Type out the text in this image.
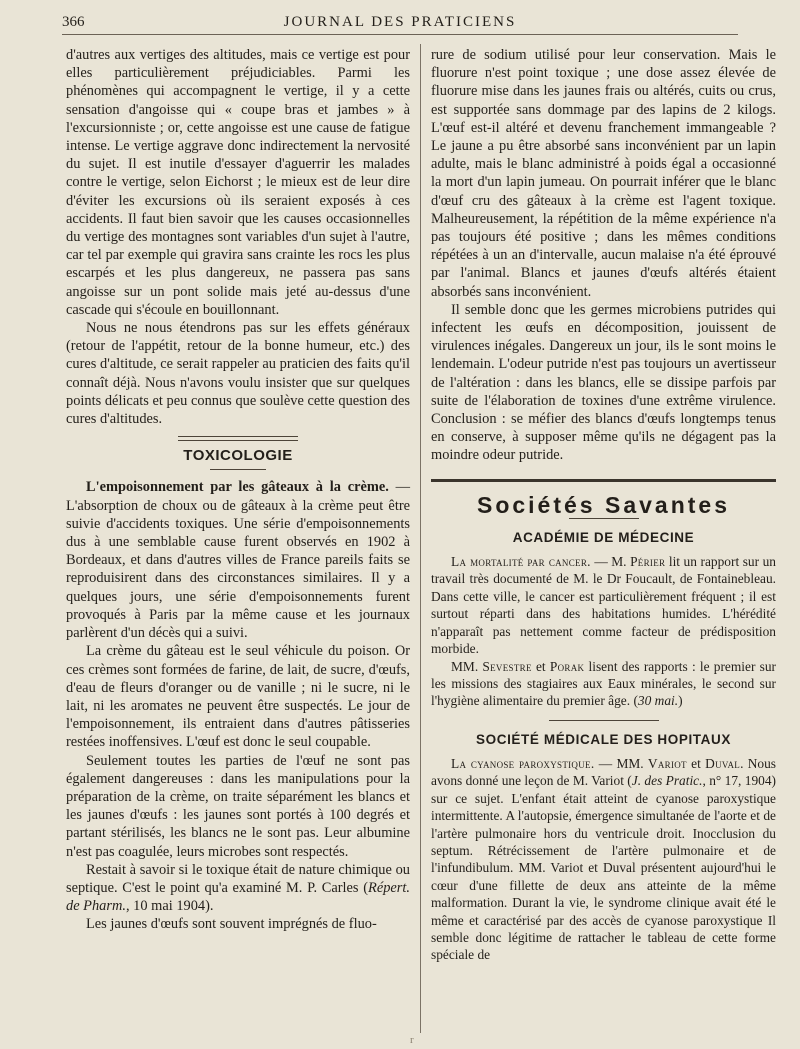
366	JOURNAL DES PRATICIENS

d'autres aux vertiges des altitudes, mais ce vertige est pour elles particulièrement préjudiciables. Parmi les phénomènes qui accompagnent le vertige, il y a cette sensation d'angoisse qui « coupe bras et jambes » à l'excursionniste ; or, cette angoisse est une cause de fatigue intense. Le vertige aggrave donc indirectement la nervosité du sujet. Il est inutile d'essayer d'aguerrir les malades contre le vertige, selon Eichorst ; le mieux est de leur dire d'éviter les excursions où ils seraient exposés à ces accidents. Il faut bien savoir que les causes occasionnelles du vertige des montagnes sont variables d'un sujet à l'autre, car tel par exemple qui gravira sans crainte les rocs les plus escarpés et les plus dangereux, ne passera pas sans angoisse sur un pont solide mais jeté au-dessus d'une cascade qui s'écoule en bouillonnant.

Nous ne nous étendrons pas sur les effets généraux (retour de l'appétit, retour de la bonne humeur, etc.) des cures d'altitude, ce serait rappeler au praticien des faits qu'il connaît déjà. Nous n'avons voulu insister que sur quelques points délicats et peu connus que soulève cette question des cures d'altitudes.

TOXICOLOGIE

L'empoisonnement par les gâteaux à la crème. — L'absorption de choux ou de gâteaux à la crème peut être suivie d'accidents toxiques. Une série d'empoisonnements dus à une semblable cause furent observés en 1902 à Bordeaux, et dans d'autres villes de France pareils faits se reproduisirent dans des circonstances similaires. Il y a quelques jours, une série d'empoisonnements furent provoqués à Paris par la même cause et les journaux parlèrent d'un décès qui a suivi.

La crème du gâteau est le seul véhicule du poison. Or ces crèmes sont formées de farine, de lait, de sucre, d'œufs, d'eau de fleurs d'oranger ou de vanille ; ni le sucre, ni le lait, ni les aromates ne peuvent être suspectés. Le jour de l'empoisonnement, ils entraient dans d'autres pâtisseries restées inoffensives. L'œuf est donc le seul coupable.

Seulement toutes les parties de l'œuf ne sont pas également dangereuses : dans les manipulations pour la préparation de la crème, on traite séparément les blancs et les jaunes d'œufs : les jaunes sont portés à 100 degrés et partant stérilisés, les blancs ne le sont pas. Leur albumine n'est pas coagulée, leurs microbes sont respectés.

Restait à savoir si le toxique était de nature chimique ou septique. C'est le point qu'a examiné M. P. Carles (Répert. de Pharm., 10 mai 1904).

Les jaunes d'œufs sont souvent imprégnés de fluo-

rure de sodium utilisé pour leur conservation. Mais le fluorure n'est point toxique ; une dose assez élevée de fluorure mise dans les jaunes frais ou altérés, cuits ou crus, est supportée sans dommage par des lapins de 2 kilogs. L'œuf est-il altéré et devenu franchement immangeable ? Le jaune a pu être absorbé sans inconvénient par un lapin adulte, mais le blanc administré à poids égal a occasionné la mort d'un lapin jumeau. On pourrait inférer que le blanc d'œuf cru des gâteaux à la crème est l'agent toxique. Malheureusement, la répétition de la même expérience n'a pas toujours été positive ; dans les mêmes conditions répétées à un an d'intervalle, aucun malaise n'a été éprouvé par l'animal. Blancs et jaunes d'œufs altérés étaient absorbés sans inconvénient.

Il semble donc que les germes microbiens putrides qui infectent les œufs en décomposition, jouissent de virulences inégales. Dangereux un jour, ils le sont moins le lendemain. L'odeur putride n'est pas toujours un avertisseur de l'altération : dans les blancs, elle se dissipe parfois par suite de l'élaboration de toxines d'une extrême virulence. Conclusion : se méfier des blancs d'œufs longtemps tenus en conserve, à supposer même qu'ils ne dégagent pas la moindre odeur putride.

Sociétés Savantes
ACADÉMIE DE MÉDECINE

La mortalité par cancer. — M. Périer lit un rapport sur un travail très documenté de M. le Dr Foucault, de Fontainebleau. Dans cette ville, le cancer est particulièrement fréquent ; il est surtout réparti dans des habitations humides. L'hérédité n'apparaît pas nettement comme facteur de prédisposition morbide.

MM. Sevestre et Porak lisent des rapports : le premier sur les missions des stagiaires aux Eaux minérales, le second sur l'hygiène alimentaire du premier âge. (30 mai.)

SOCIÉTÉ MÉDICALE DES HOPITAUX

La cyanose paroxystique. — MM. Variot et Duval. Nous avons donné une leçon de M. Variot (J. des Pratic., n° 17, 1904) sur ce sujet. L'enfant était atteint de cyanose paroxystique intermittente. A l'autopsie, émergence simultanée de l'aorte et de l'artère pulmonaire hors du ventricule droit. Inocclusion du septum. Rétrécissement de l'artère pulmonaire et de l'infundibulum. MM. Variot et Duval présentent aujourd'hui le cœur d'une fillette de deux ans atteinte de la même malformation. Durant la vie, le syndrome clinique avait été le même et caractérisé par des accès de cyanose paroxystique Il semble donc légitime de rattacher le tableau de cette forme spéciale de

r
